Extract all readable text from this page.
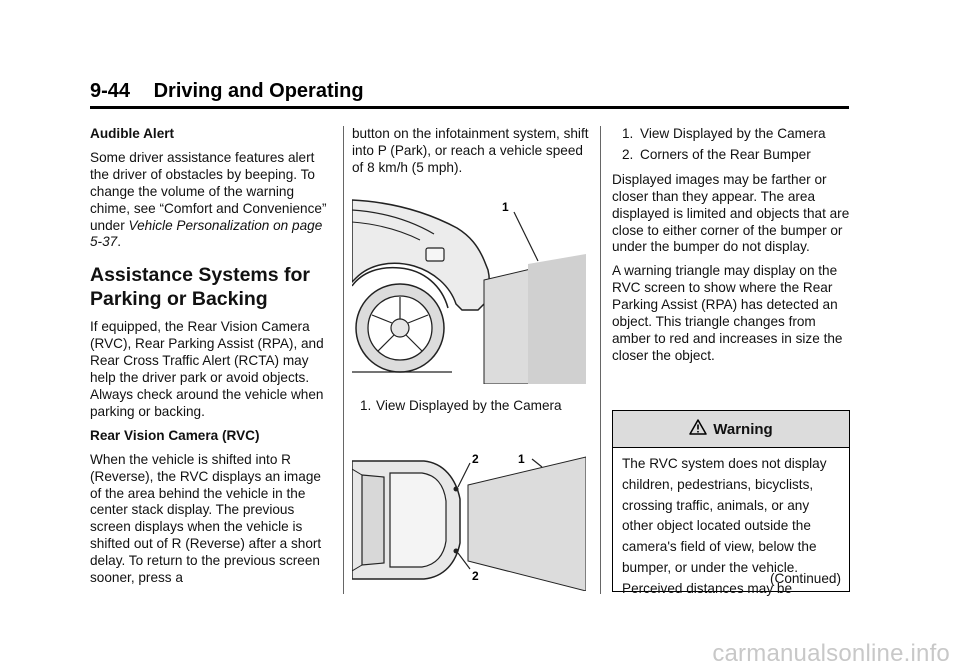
9-44 Driving and Operating

Audible Alert

Some driver assistance features alert the driver of obstacles by beeping. To change the volume of the warning chime, see “Comfort and Convenience” under Vehicle Personalization on page 5-37.

Assistance Systems for Parking or Backing

If equipped, the Rear Vision Camera (RVC), Rear Parking Assist (RPA), and Rear Cross Traffic Alert (RCTA) may help the driver park or avoid objects. Always check around the vehicle when parking or backing.

Rear Vision Camera (RVC)

When the vehicle is shifted into R (Reverse), the RVC displays an image of the area behind the vehicle in the center stack display. The previous screen displays when the vehicle is shifted out of R (Reverse) after a short delay. To return to the previous screen sooner, press a

button on the infotainment system, shift into P (Park), or reach a vehicle speed of 8 km/h (5 mph).

1
1. View Displayed by the Camera
2	1
2
1. View Displayed by the Camera
2. Corners of the Rear Bumper

Displayed images may be farther or closer than they appear. The area displayed is limited and objects that are close to either corner of the bumper or under the bumper do not display.

A warning triangle may display on the RVC screen to show where the Rear Parking Assist (RPA) has detected an object. This triangle changes from amber to red and increases in size the closer the object.

Warning
The RVC system does not display children, pedestrians, bicyclists, crossing traffic, animals, or any other object located outside the camera's field of view, below the bumper, or under the vehicle. Perceived distances may be
(Continued)
carmanualsonline.info
